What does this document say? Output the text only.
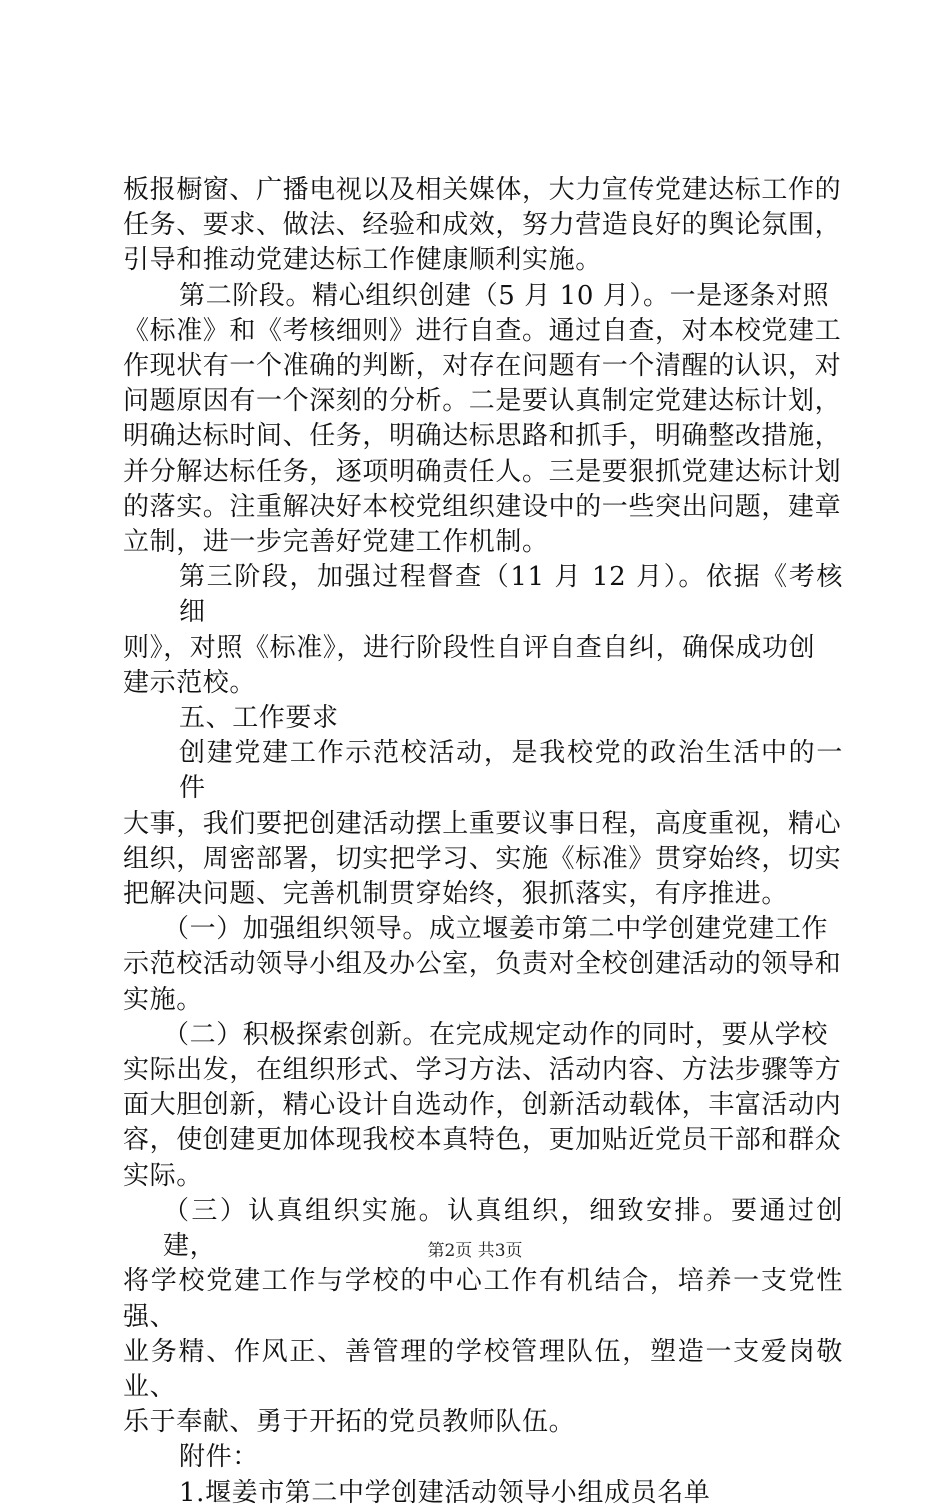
板报橱窗、广播电视以及相关媒体，大力宣传党建达标工作的
任务、要求、做法、经验和成效，努力营造良好的舆论氛围，
引导和推动党建达标工作健康顺利实施。

第二阶段。精心组织创建（5 月 10 月）。一是逐条对照
《标准》和《考核细则》进行自查。通过自查，对本校党建工
作现状有一个准确的判断，对存在问题有一个清醒的认识，对
问题原因有一个深刻的分析。二是要认真制定党建达标计划，
明确达标时间、任务，明确达标思路和抓手，明确整改措施，
并分解达标任务，逐项明确责任人。三是要狠抓党建达标计划
的落实。注重解决好本校党组织建设中的一些突出问题，建章
立制，进一步完善好党建工作机制。

第三阶段，加强过程督查（11 月 12 月）。依据《考核细
则》，对照《标准》，进行阶段性自评自查自纠，确保成功创
建示范校。

五、工作要求

创建党建工作示范校活动，是我校党的政治生活中的一件
大事，我们要把创建活动摆上重要议事日程，高度重视，精心
组织，周密部署，切实把学习、实施《标准》贯穿始终，切实
把解决问题、完善机制贯穿始终，狠抓落实，有序推进。

（一）加强组织领导。成立堰姜市第二中学创建党建工作
示范校活动领导小组及办公室，负责对全校创建活动的领导和
实施。

（二）积极探索创新。在完成规定动作的同时，要从学校
实际出发，在组织形式、学习方法、活动内容、方法步骤等方
面大胆创新，精心设计自选动作，创新活动载体，丰富活动内
容，使创建更加体现我校本真特色，更加贴近党员干部和群众
实际。

（三）认真组织实施。认真组织，细致安排。要通过创建，
将学校党建工作与学校的中心工作有机结合，培养一支党性强、
业务精、作风正、善管理的学校管理队伍，塑造一支爱岗敬业、
乐于奉献、勇于开拓的党员教师队伍。

附件：

1.堰姜市第二中学创建活动领导小组成员名单

第2页 共3页
